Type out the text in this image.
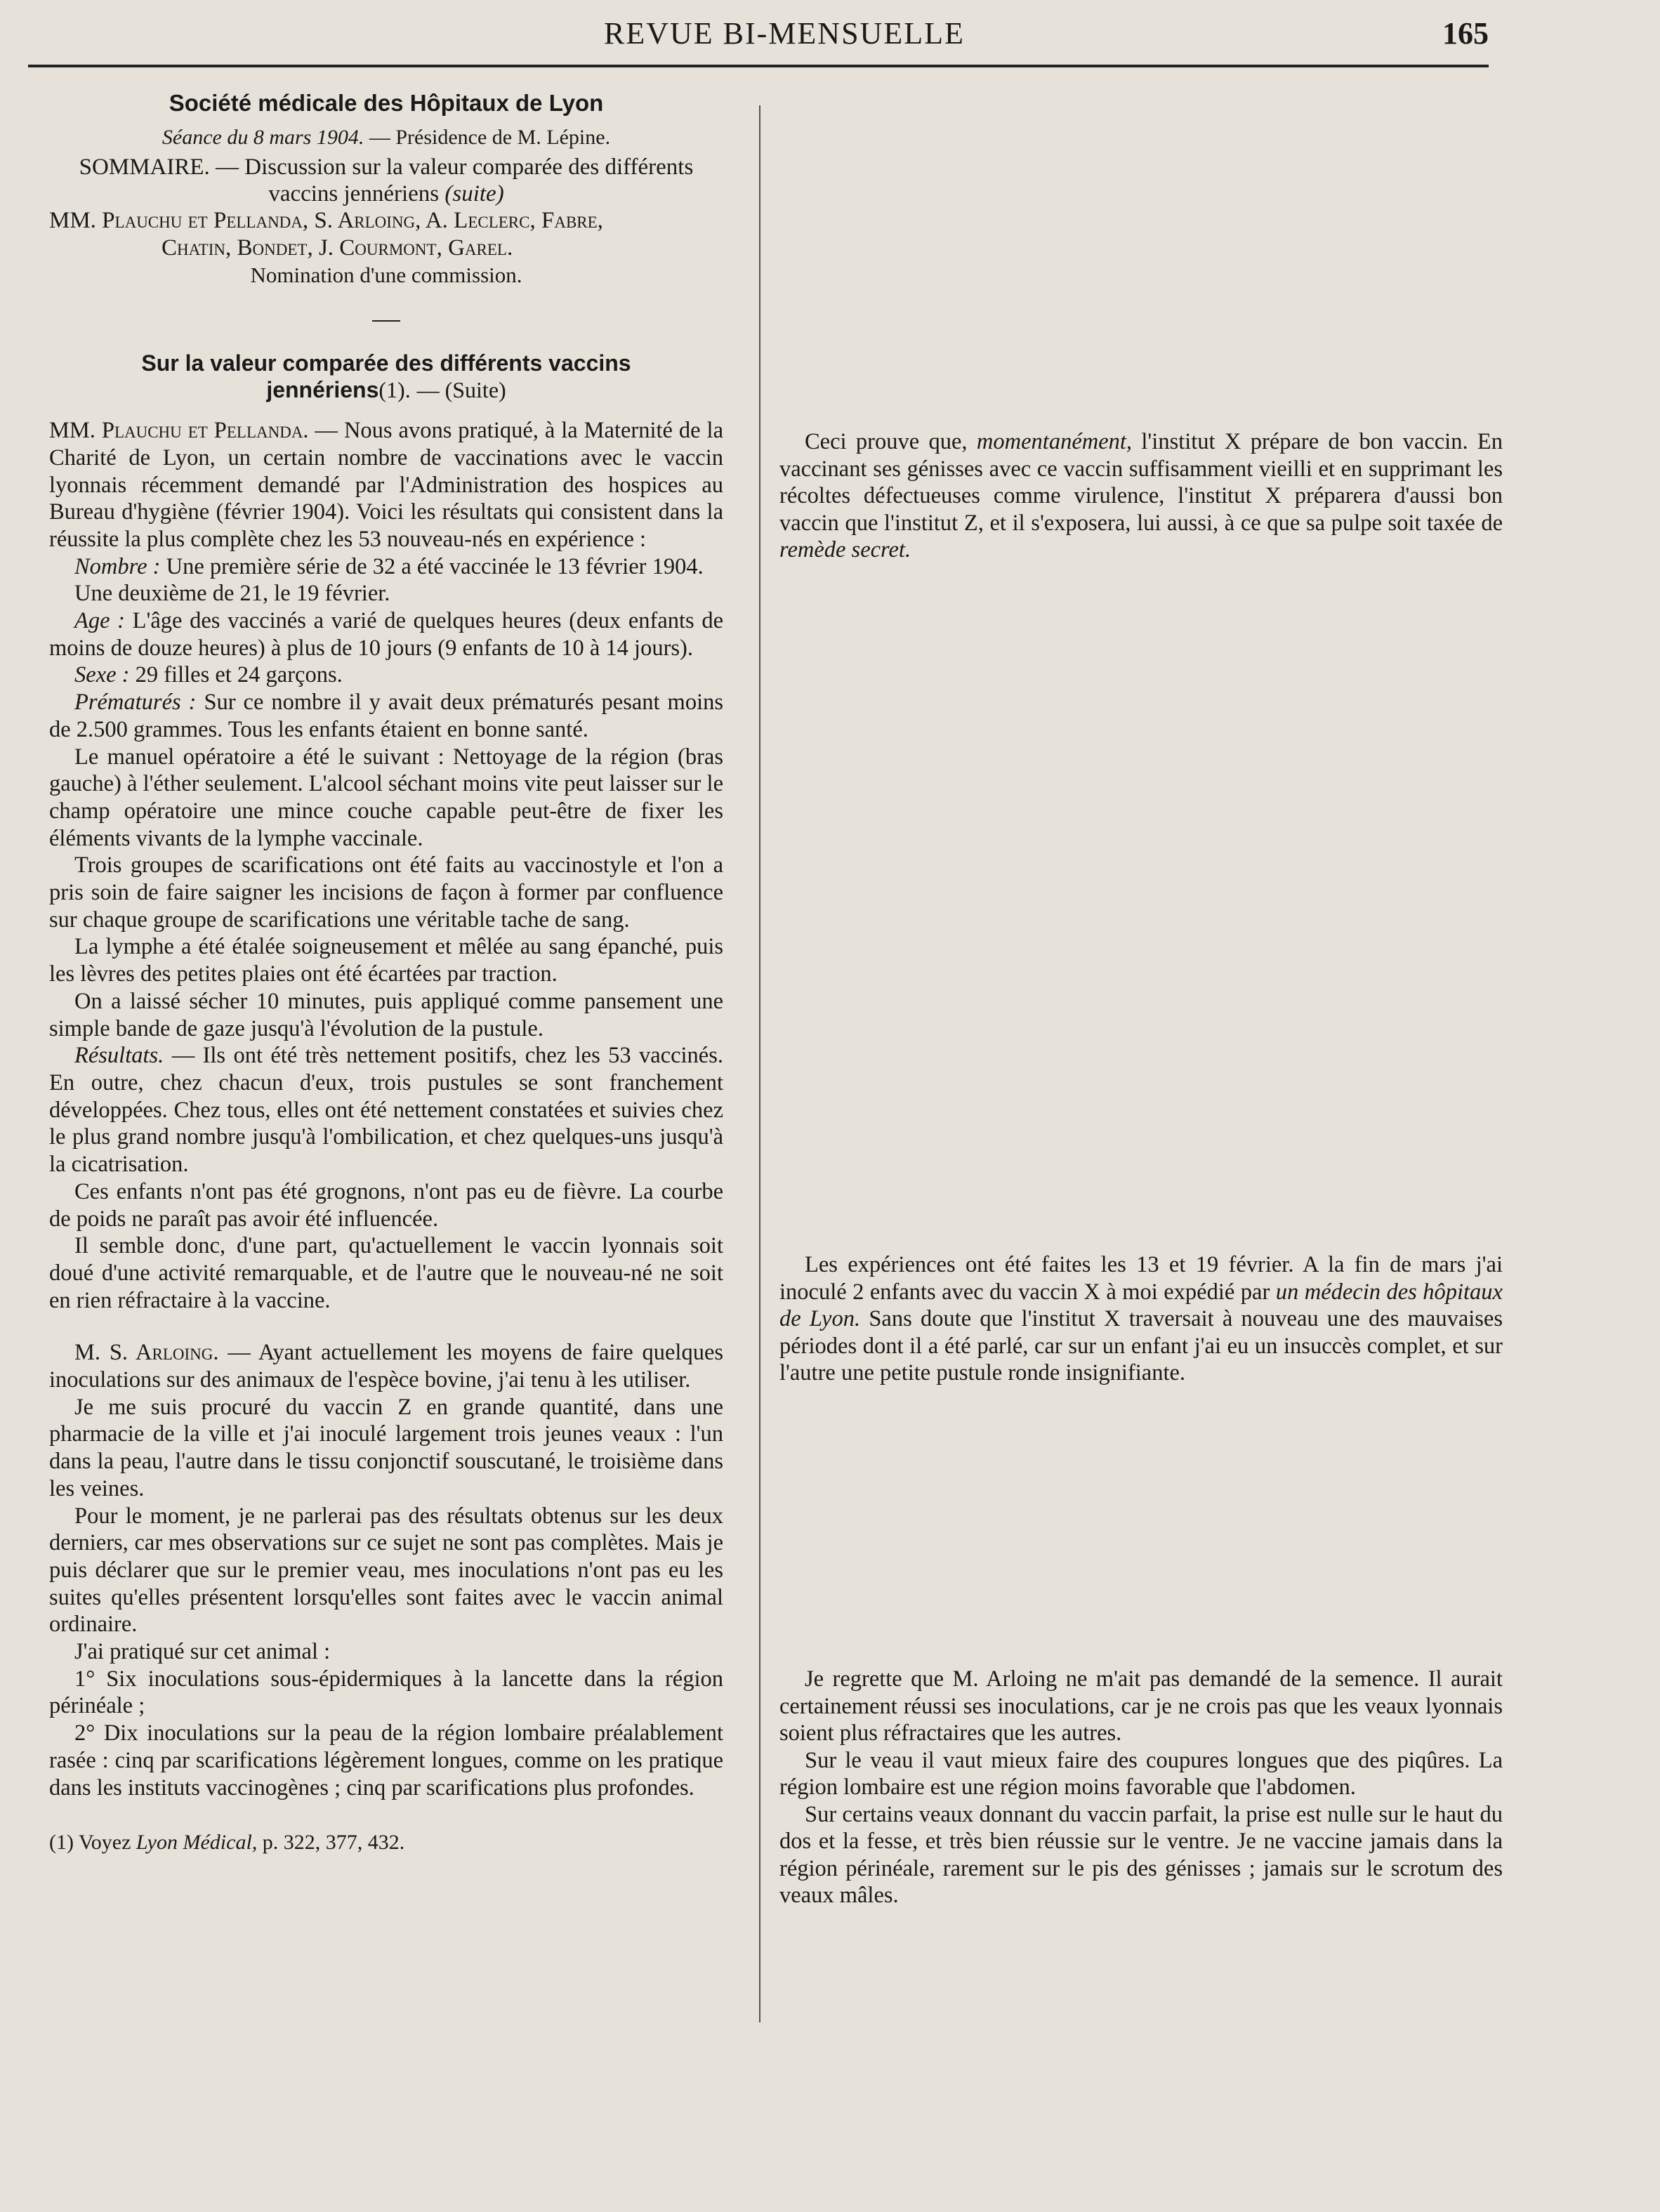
REVUE BI-MENSUELLE	165
Société médicale des Hôpitaux de Lyon
Séance du 8 mars 1904. — Présidence de M. Lépine.

SOMMAIRE. — Discussion sur la valeur comparée des différents vaccins jennériens (suite)

MM. Plauchu et Pellanda, S. Arloing, A. Leclerc, Fabre,
Chatin, Bondet, J. Courmont, Garel.
Nomination d'une commission.
Sur la valeur comparée des différents vaccins
jennériens(1). — (Suite)

MM. Plauchu et Pellanda. — Nous avons pratiqué, à la Maternité de la Charité de Lyon, un certain nombre de vaccinations avec le vaccin lyonnais récemment demandé par l'Administration des hospices au Bureau d'hygiène (février 1904). Voici les résultats qui consistent dans la réussite la plus complète chez les 53 nouveau-nés en expérience :

Nombre : Une première série de 32 a été vaccinée le 13 février 1904.

Une deuxième de 21, le 19 février.

Age : L'âge des vaccinés a varié de quelques heures (deux enfants de moins de douze heures) à plus de 10 jours (9 enfants de 10 à 14 jours).

Sexe : 29 filles et 24 garçons.

Prématurés : Sur ce nombre il y avait deux prématurés pesant moins de 2.500 grammes. Tous les enfants étaient en bonne santé.

Le manuel opératoire a été le suivant : Nettoyage de la région (bras gauche) à l'éther seulement. L'alcool séchant moins vite peut laisser sur le champ opératoire une mince couche capable peut-être de fixer les éléments vivants de la lymphe vaccinale.

Trois groupes de scarifications ont été faits au vaccinostyle et l'on a pris soin de faire saigner les incisions de façon à former par confluence sur chaque groupe de scarifications une véritable tache de sang.

La lymphe a été étalée soigneusement et mêlée au sang épanché, puis les lèvres des petites plaies ont été écartées par traction.

On a laissé sécher 10 minutes, puis appliqué comme pansement une simple bande de gaze jusqu'à l'évolution de la pustule.

Résultats. — Ils ont été très nettement positifs, chez les 53 vaccinés. En outre, chez chacun d'eux, trois pustules se sont franchement développées. Chez tous, elles ont été nettement constatées et suivies chez le plus grand nombre jusqu'à l'ombilication, et chez quelques-uns jusqu'à la cicatrisation.

Ces enfants n'ont pas été grognons, n'ont pas eu de fièvre. La courbe de poids ne paraît pas avoir été influencée.

Il semble donc, d'une part, qu'actuellement le vaccin lyonnais soit doué d'une activité remarquable, et de l'autre que le nouveau-né ne soit en rien réfractaire à la vaccine.

M. S. Arloing. — Ayant actuellement les moyens de faire quelques inoculations sur des animaux de l'espèce bovine, j'ai tenu à les utiliser.

Je me suis procuré du vaccin Z en grande quantité, dans une pharmacie de la ville et j'ai inoculé largement trois jeunes veaux : l'un dans la peau, l'autre dans le tissu conjonctif souscutané, le troisième dans les veines.

Pour le moment, je ne parlerai pas des résultats obtenus sur les deux derniers, car mes observations sur ce sujet ne sont pas complètes. Mais je puis déclarer que sur le premier veau, mes inoculations n'ont pas eu les suites qu'elles présentent lorsqu'elles sont faites avec le vaccin animal ordinaire.

J'ai pratiqué sur cet animal :

1° Six inoculations sous-épidermiques à la lancette dans la région périnéale ;

2° Dix inoculations sur la peau de la région lombaire préalablement rasée : cinq par scarifications légèrement longues, comme on les pratique dans les instituts vaccinogènes ; cinq par scarifications plus profondes.

(1) Voyez Lyon Médical, p. 322, 377, 432.

Ceci prouve que, momentanément, l'institut X prépare de bon vaccin. En vaccinant ses génisses avec ce vaccin suffisamment vieilli et en supprimant les récoltes défectueuses comme virulence, l'institut X préparera d'aussi bon vaccin que l'institut Z, et il s'exposera, lui aussi, à ce que sa pulpe soit taxée de remède secret.

Les expériences ont été faites les 13 et 19 février. A la fin de mars j'ai inoculé 2 enfants avec du vaccin X à moi expédié par un médecin des hôpitaux de Lyon. Sans doute que l'institut X traversait à nouveau une des mauvaises périodes dont il a été parlé, car sur un enfant j'ai eu un insuccès complet, et sur l'autre une petite pustule ronde insignifiante.

Je regrette que M. Arloing ne m'ait pas demandé de la semence. Il aurait certainement réussi ses inoculations, car je ne crois pas que les veaux lyonnais soient plus réfractaires que les autres.

Sur le veau il vaut mieux faire des coupures longues que des piqûres. La région lombaire est une région moins favorable que l'abdomen.

Sur certains veaux donnant du vaccin parfait, la prise est nulle sur le haut du dos et la fesse, et très bien réussie sur le ventre. Je ne vaccine jamais dans la région périnéale, rarement sur le pis des génisses ; jamais sur le scrotum des veaux mâles.
